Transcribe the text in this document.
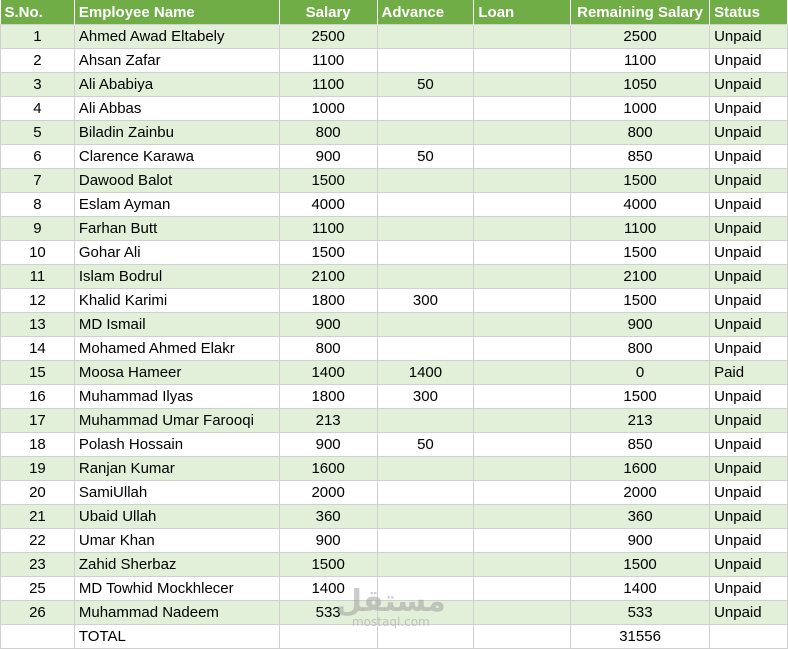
S.No.	Employee Name	Salary	Advance	Loan	Remaining Salary	Status
1	Ahmed Awad Eltabely	2500			2500	Unpaid
2	Ahsan Zafar	1100			1100	Unpaid
3	Ali Ababiya	1100	50		1050	Unpaid
4	Ali Abbas	1000			1000	Unpaid
5	Biladin Zainbu	800			800	Unpaid
6	Clarence Karawa	900	50		850	Unpaid
7	Dawood Balot	1500			1500	Unpaid
8	Eslam Ayman	4000			4000	Unpaid
9	Farhan Butt	1100			1100	Unpaid
10	Gohar Ali	1500			1500	Unpaid
11	Islam Bodrul	2100			2100	Unpaid
12	Khalid Karimi	1800	300		1500	Unpaid
13	MD Ismail	900			900	Unpaid
14	Mohamed Ahmed Elakr	800			800	Unpaid
15	Moosa Hameer	1400	1400		0	Paid
16	Muhammad Ilyas	1800	300		1500	Unpaid
17	Muhammad Umar Farooqi	213			213	Unpaid
18	Polash Hossain	900	50		850	Unpaid
19	Ranjan Kumar	1600			1600	Unpaid
20	SamiUllah	2000			2000	Unpaid
21	Ubaid Ullah	360			360	Unpaid
22	Umar Khan	900			900	Unpaid
23	Zahid Sherbaz	1500			1500	Unpaid
25	MD Towhid Mockhlecer	1400			1400	Unpaid
26	Muhammad Nadeem	533			533	Unpaid
	TOTAL				31556	
مستقل
mostaql.com
